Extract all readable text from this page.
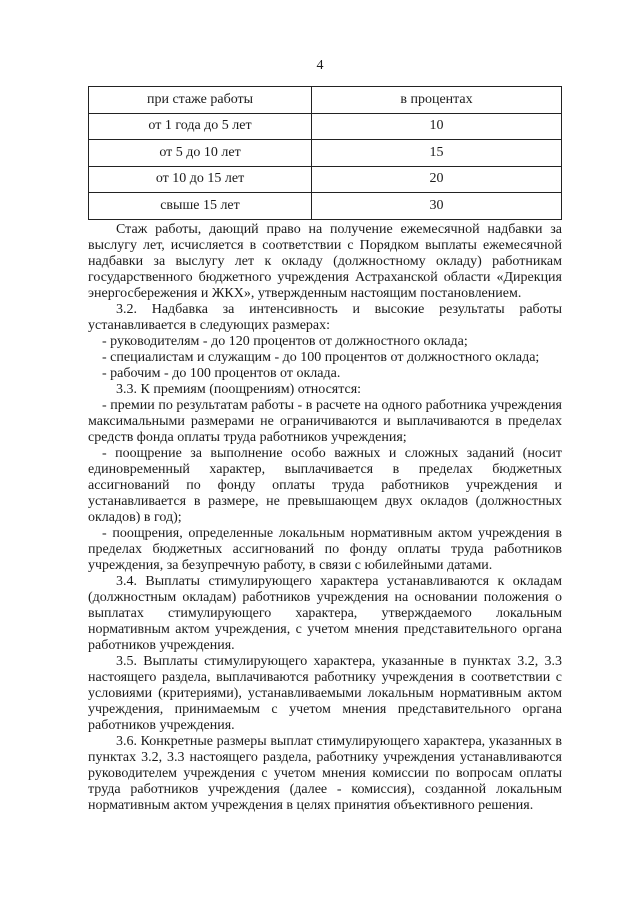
4
при стаже работы	в процентах
от 1 года до 5 лет	10
от 5 до 10 лет	15
от 10 до 15 лет	20
свыше 15 лет	30

Стаж работы, дающий право на получение ежемесячной надбавки за выслугу лет, исчисляется в соответствии с Порядком выплаты ежемесячной надбавки за выслугу лет к окладу (должностному окладу) работникам государственного бюджетного учреждения Астраханской области «Дирекция энергосбережения и ЖКХ», утвержденным настоящим постановлением.

3.2. Надбавка за интенсивность и высокие результаты работы устанавливается в следующих размерах:

- руководителям - до 120 процентов от должностного оклада;

- специалистам и служащим - до 100 процентов от должностного оклада;

- рабочим - до 100 процентов от оклада.

3.3. К премиям (поощрениям) относятся:

- премии по результатам работы - в расчете на одного работника учреждения максимальными размерами не ограничиваются и выплачиваются в пределах средств фонда оплаты труда работников учреждения;

- поощрение за выполнение особо важных и сложных заданий (носит единовременный характер, выплачивается в пределах бюджетных ассигнований по фонду оплаты труда работников учреждения и устанавливается в размере, не превышающем двух окладов (должностных окладов) в год);

- поощрения, определенные локальным нормативным актом учреждения в пределах бюджетных ассигнований по фонду оплаты труда работников учреждения, за безупречную работу, в связи с юбилейными датами.

3.4. Выплаты стимулирующего характера устанавливаются к окладам (должностным окладам) работников учреждения на основании положения о выплатах стимулирующего характера, утверждаемого локальным нормативным актом учреждения, с учетом мнения представительного органа работников учреждения.

3.5. Выплаты стимулирующего характера, указанные в пунктах 3.2, 3.3 настоящего раздела, выплачиваются работнику учреждения в соответствии с условиями (критериями), устанавливаемыми локальным нормативным актом учреждения, принимаемым с учетом мнения представительного органа работников учреждения.

3.6. Конкретные размеры выплат стимулирующего характера, указанных в пунктах 3.2, 3.3 настоящего раздела, работнику учреждения устанавливаются руководителем учреждения с учетом мнения комиссии по вопросам оплаты труда работников учреждения (далее - комиссия), созданной локальным нормативным актом учреждения в целях принятия объективного решения.
